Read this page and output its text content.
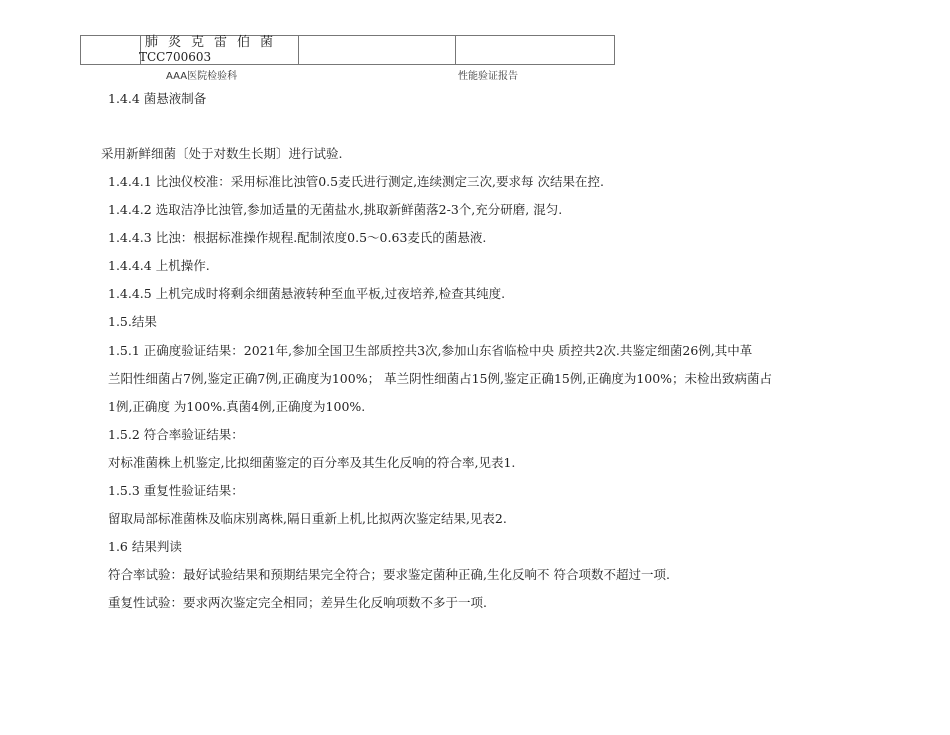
肺炎克雷伯菌
TCC700603

AAA医院检验科	性能验证报告
1.4.4 菌悬液制备
采用新鲜细菌〔处于对数生长期〕进行试验.
1.4.4.1 比浊仪校准：采用标准比浊管0.5麦氏进行测定,连续测定三次,要求每 次结果在控.
1.4.4.2 选取洁净比浊管,参加适量的无菌盐水,挑取新鲜菌落2-3个,充分研磨, 混匀.
1.4.4.3 比浊：根据标准操作规程.配制浓度0.5〜0.63麦氏的菌悬液.
1.4.4.4 上机操作.
1.4.4.5 上机完成时将剩余细菌悬液转种至血平板,过夜培养,检查其纯度.
1.5.结果
1.5.1 正确度验证结果：2021年,参加全国卫生部质控共3次,参加山东省临检中央 质控共2次.共鉴定细菌26例,其中革
兰阳性细菌占7例,鉴定正确7例,正确度为100%； 革兰阴性细菌占15例,鉴定正确15例,正确度为100%；未检出致病菌占
1例,正确度 为100%.真菌4例,正确度为100%.
1.5.2 符合率验证结果：
对标准菌株上机鉴定,比拟细菌鉴定的百分率及其生化反响的符合率,见表1.
1.5.3 重复性验证结果：
留取局部标准菌株及临床别离株,隔日重新上机,比拟两次鉴定结果,见表2.
1.6 结果判读
符合率试验：最好试验结果和预期结果完全符合；要求鉴定菌种正确,生化反响不 符合项数不超过一项.
重复性试验：要求两次鉴定完全相同；差异生化反响项数不多于一项.
